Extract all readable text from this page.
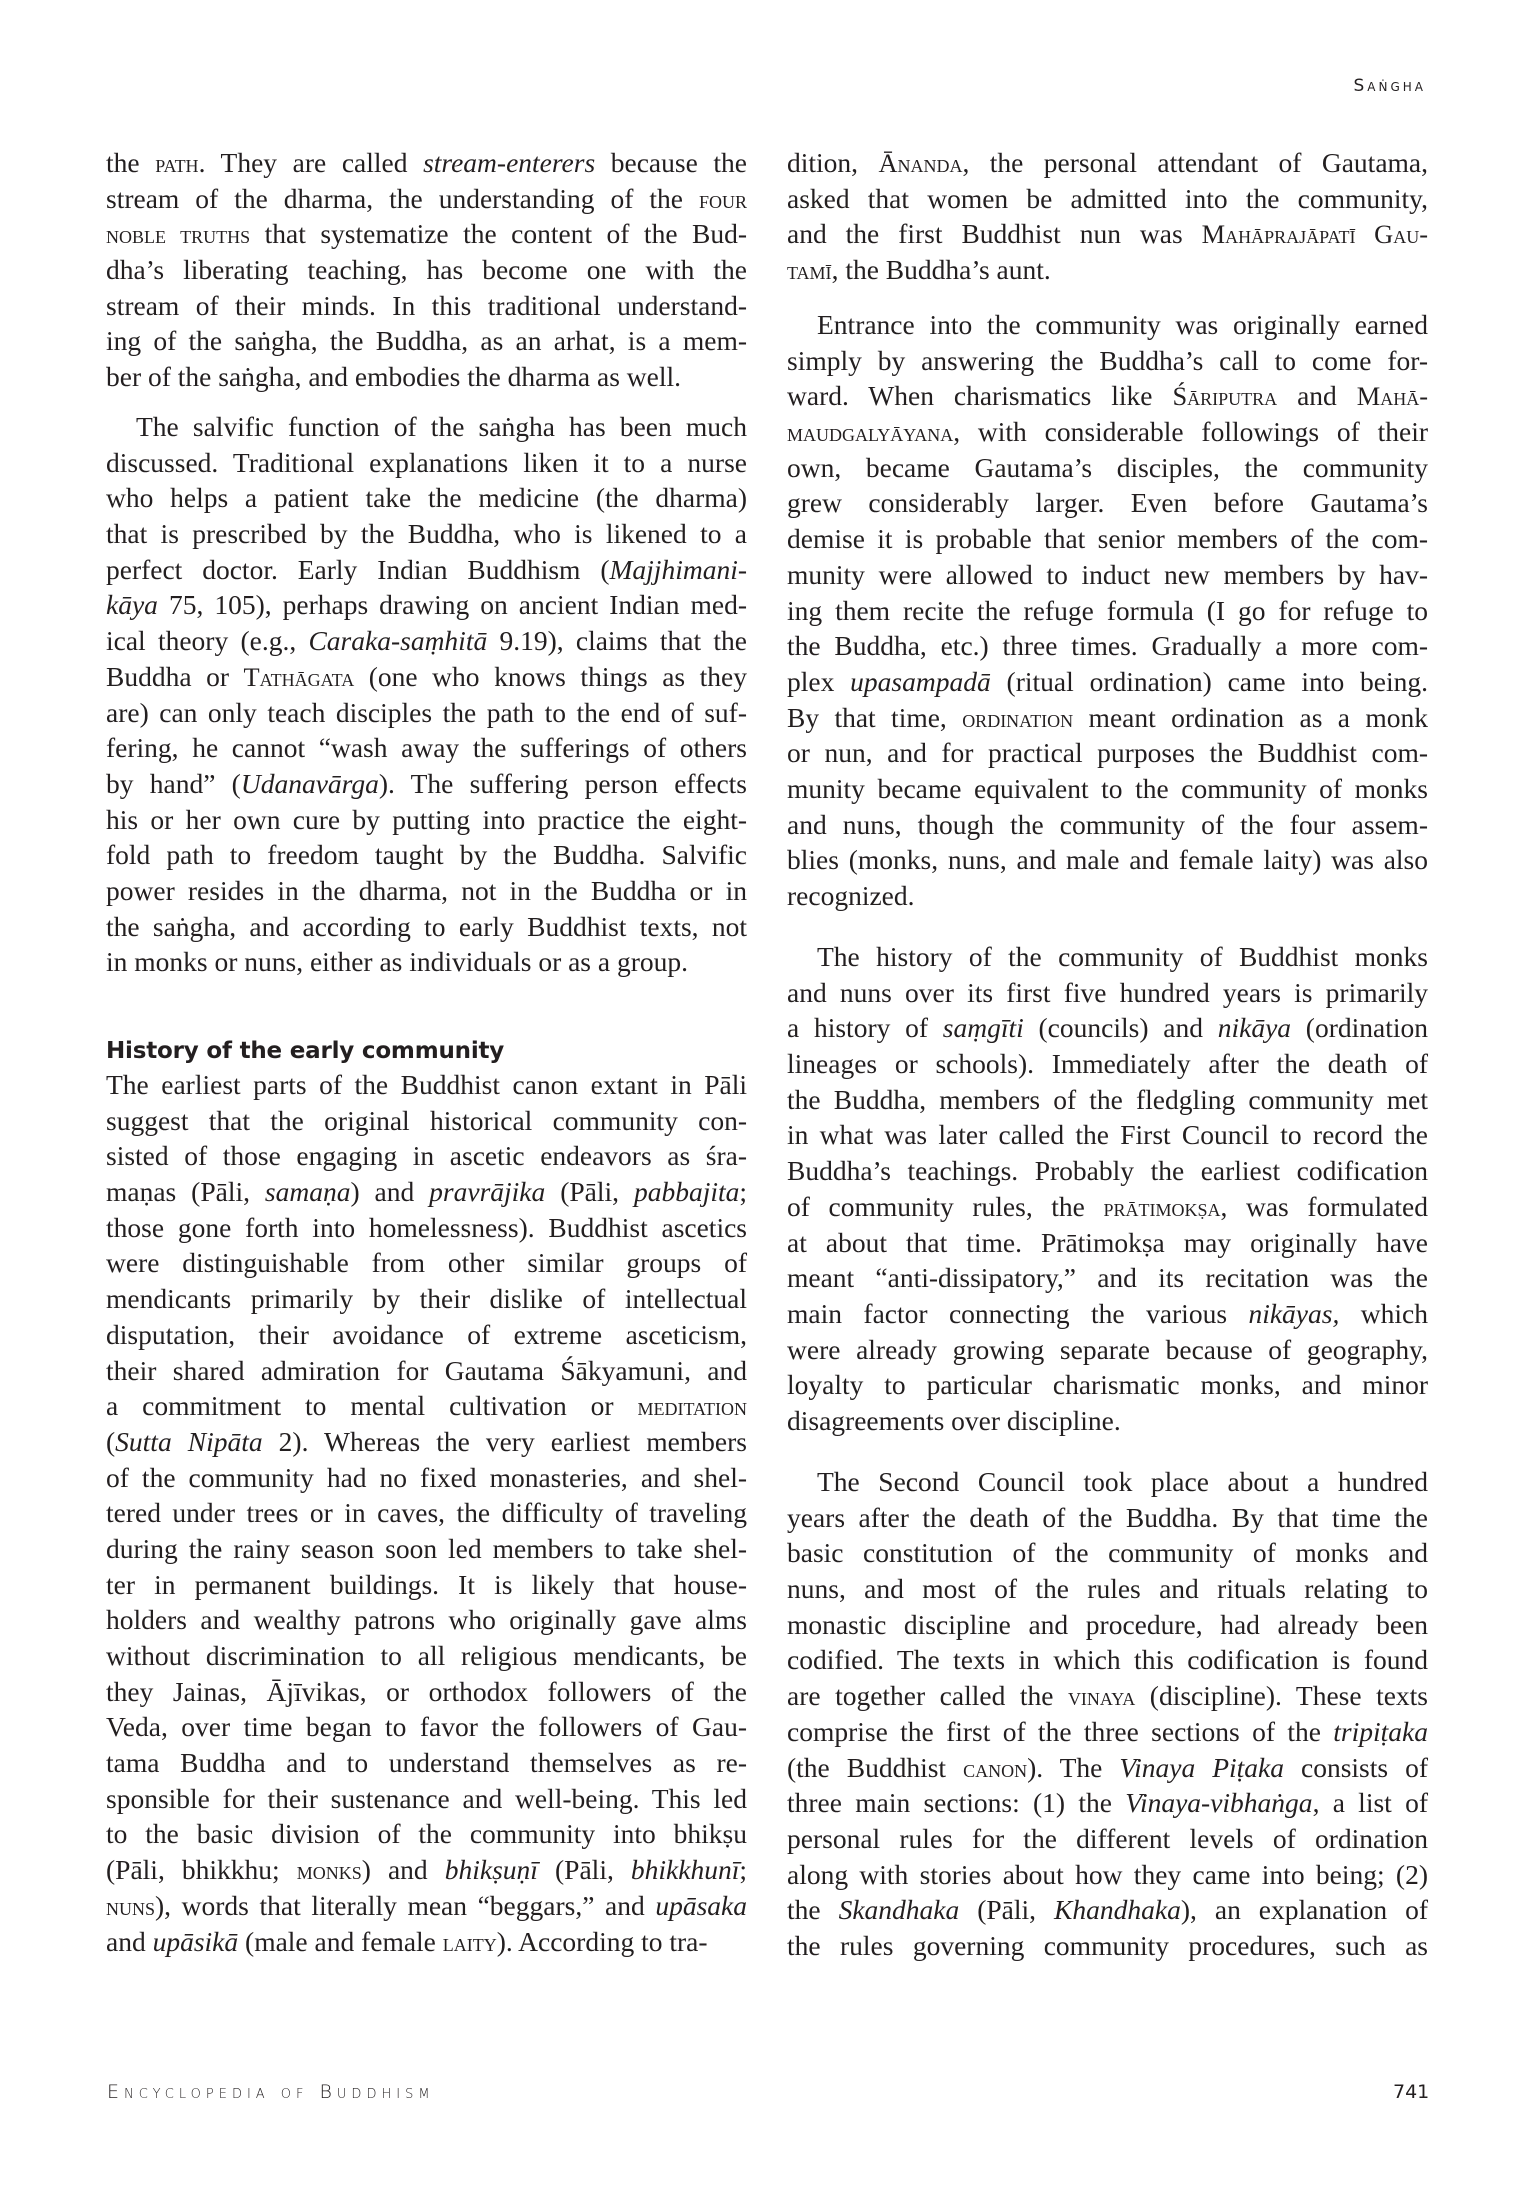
Saṅgha
the path. They are called stream-enterers because the
stream of the dharma, the understanding of the four
noble truths that systematize the content of the Bud-
dha’s liberating teaching, has become one with the
stream of their minds. In this traditional understand-
ing of the saṅgha, the Buddha, as an arhat, is a mem-
ber of the saṅgha, and embodies the dharma as well.
The salvific function of the saṅgha has been much
discussed. Traditional explanations liken it to a nurse
who helps a patient take the medicine (the dharma)
that is prescribed by the Buddha, who is likened to a
perfect doctor. Early Indian Buddhism (Majjhimani-
kāya 75, 105), perhaps drawing on ancient Indian med-
ical theory (e.g., Caraka-saṃhitā 9.19), claims that the
Buddha or Tathāgata (one who knows things as they
are) can only teach disciples the path to the end of suf-
fering, he cannot “wash away the sufferings of others
by hand” (Udanavārga). The suffering person effects
his or her own cure by putting into practice the eight-
fold path to freedom taught by the Buddha. Salvific
power resides in the dharma, not in the Buddha or in
the saṅgha, and according to early Buddhist texts, not
in monks or nuns, either as individuals or as a group.
History of the early community
The earliest parts of the Buddhist canon extant in Pāli
suggest that the original historical community con-
sisted of those engaging in ascetic endeavors as śra-
maṇas (Pāli, samaṇa) and pravrājika (Pāli, pabbajita;
those gone forth into homelessness). Buddhist ascetics
were distinguishable from other similar groups of
mendicants primarily by their dislike of intellectual
disputation, their avoidance of extreme asceticism,
their shared admiration for Gautama Śākyamuni, and
a commitment to mental cultivation or meditation
(Sutta Nipāta 2). Whereas the very earliest members
of the community had no fixed monasteries, and shel-
tered under trees or in caves, the difficulty of traveling
during the rainy season soon led members to take shel-
ter in permanent buildings. It is likely that house-
holders and wealthy patrons who originally gave alms
without discrimination to all religious mendicants, be
they Jainas, Ājīvikas, or orthodox followers of the
Veda, over time began to favor the followers of Gau-
tama Buddha and to understand themselves as re-
sponsible for their sustenance and well-being. This led
to the basic division of the community into bhikṣu
(Pāli, bhikkhu; monks) and bhikṣuṇī (Pāli, bhikkhunī;
nuns), words that literally mean “beggars,” and upāsaka
and upāsikā (male and female laity). According to tra-
dition, Ānanda, the personal attendant of Gautama,
asked that women be admitted into the community,
and the first Buddhist nun was Mahāprajāpatī Gau-
tamī, the Buddha’s aunt.
Entrance into the community was originally earned
simply by answering the Buddha’s call to come for-
ward. When charismatics like Śāriputra and Mahā-
maudgalyāyana, with considerable followings of their
own, became Gautama’s disciples, the community
grew considerably larger. Even before Gautama’s
demise it is probable that senior members of the com-
munity were allowed to induct new members by hav-
ing them recite the refuge formula (I go for refuge to
the Buddha, etc.) three times. Gradually a more com-
plex upasampadā (ritual ordination) came into being.
By that time, ordination meant ordination as a monk
or nun, and for practical purposes the Buddhist com-
munity became equivalent to the community of monks
and nuns, though the community of the four assem-
blies (monks, nuns, and male and female laity) was also
recognized.
The history of the community of Buddhist monks
and nuns over its first five hundred years is primarily
a history of saṃgīti (councils) and nikāya (ordination
lineages or schools). Immediately after the death of
the Buddha, members of the fledgling community met
in what was later called the First Council to record the
Buddha’s teachings. Probably the earliest codification
of community rules, the prātimokṣa, was formulated
at about that time. Prātimokṣa may originally have
meant “anti-dissipatory,” and its recitation was the
main factor connecting the various nikāyas, which
were already growing separate because of geography,
loyalty to particular charismatic monks, and minor
disagreements over discipline.
The Second Council took place about a hundred
years after the death of the Buddha. By that time the
basic constitution of the community of monks and
nuns, and most of the rules and rituals relating to
monastic discipline and procedure, had already been
codified. The texts in which this codification is found
are together called the vinaya (discipline). These texts
comprise the first of the three sections of the tripiṭaka
(the Buddhist canon). The Vinaya Piṭaka consists of
three main sections: (1) the Vinaya-vibhaṅga, a list of
personal rules for the different levels of ordination
along with stories about how they came into being; (2)
the Skandhaka (Pāli, Khandhaka), an explanation of
the rules governing community procedures, such as
Encyclopedia of Buddhism	741
